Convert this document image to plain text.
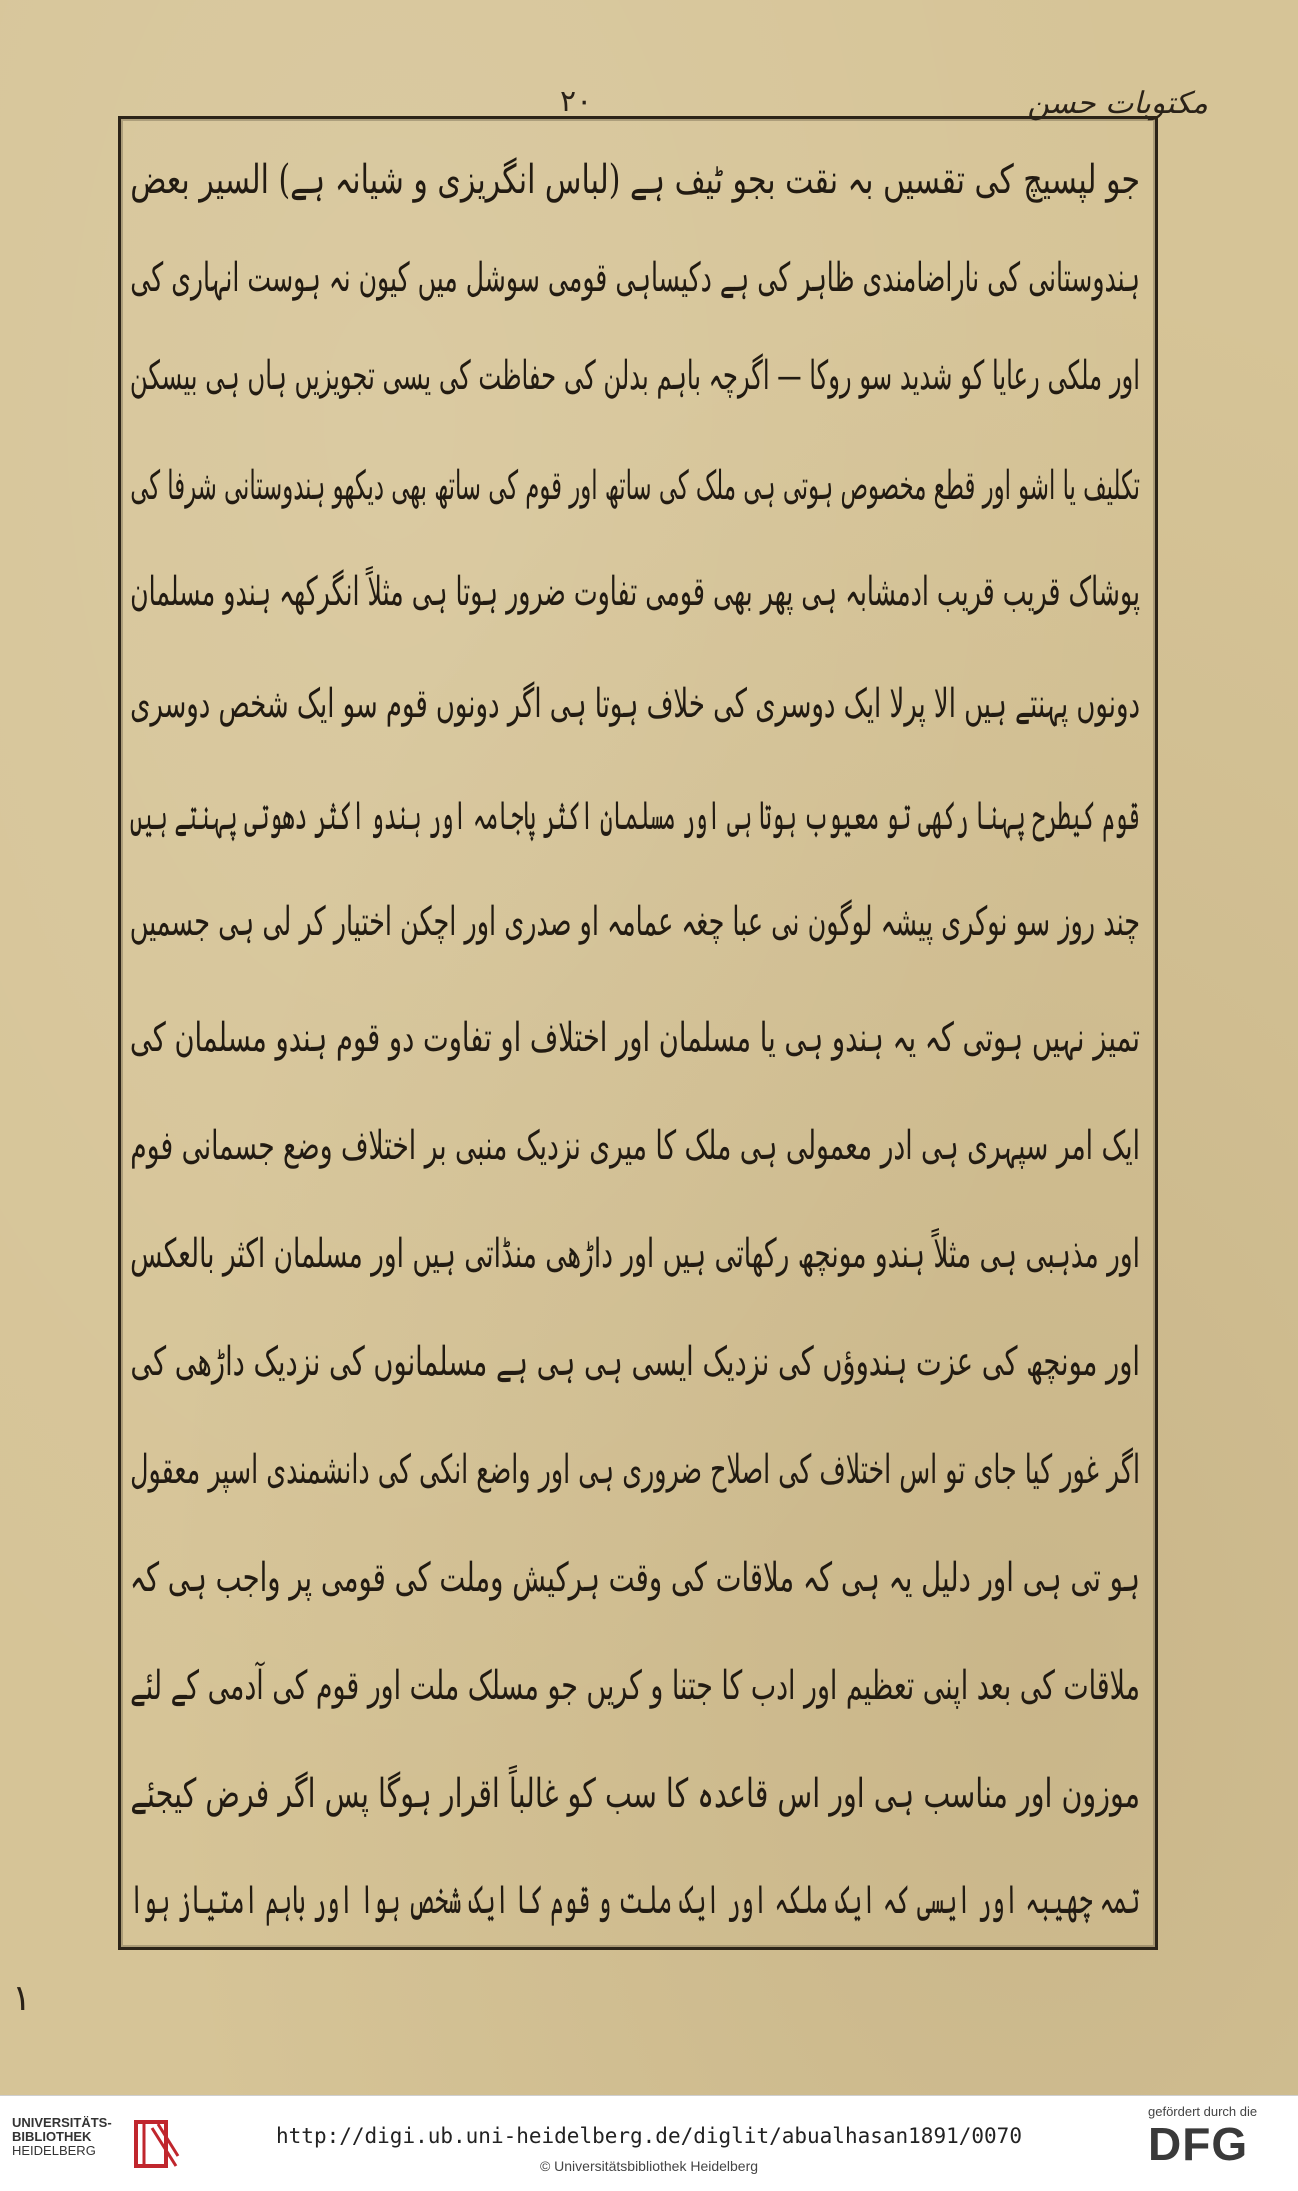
مکتوبات حسن
۲۰
جو لپسیچ کی تقسیں بہ نقت بجو ٹیف ہے (لباس انگریزی و شیانہ ہے) السیر بعض
ہندوستانی کی ناراضامندی ظاہر کی ہے دکیساہی قومی سوشل میں کیون نہ ہوست انہاری کی
اور ملکی رعایا کو شدید سو روکا — اگرچہ باہم بدلن کی حفاظت کی یسی تجویزیں ہاں ہی بیسکن
تکلیف یا اشو اور قطع مخصوص ہوتی ہی ملک کی ساتھ اور قوم کی ساتھ بھی دیکھو ہندوستانی شرفا کی
پوشاک قریب قریب ادمشابہ ہی پھر بھی قومی تفاوت ضرور ہوتا ہی مثلاً انگرکھہ ہندو مسلمان
دونوں پہنتے ہیں الا پرلا ایک دوسری کی خلاف ہوتا ہی اگر دونوں قوم سو ایک شخص دوسری
قوم کیطرح پہنا رکھی تو معیوب ہوتا ہی اور مسلمان اکثر پاجامہ اور ہندو اکثر دھوتی پہنتے ہیں
چند روز سو نوکری پیشہ لوگون نی عبا چغہ عمامہ او صدری اور اچکن اختیار کر لی ہی جسمیں
تمیز نہیں ہوتی کہ یہ ہندو ہی یا مسلمان اور اختلاف او تفاوت دو قوم ہندو مسلمان کی
ایک امر سپہری ہی ادر معمولی ہی ملک کا میری نزدیک منبی بر اختلاف وضع جسمانی فوم
اور مذہبی ہی مثلاً ہندو مونچھ رکھاتی ہیں اور داڑھی منڈاتی ہیں اور مسلمان اکثر بالعکس
اور مونچھ کی عزت ہندوؤں کی نزدیک ایسی ہی ہی ہے مسلمانوں کی نزدیک داڑھی کی
اگر غور کیا جای تو اس اختلاف کی اصلاح ضروری ہی اور واضع انکی کی دانشمندی اسپر معقول
ہو تی ہی اور دلیل یہ ہی کہ ملاقات کی وقت ہرکیش وملت کی قومی پر واجب ہی کہ
ملاقات کی بعد اپنی تعظیم اور ادب کا جتنا و کریں جو مسلک ملت اور قوم کی آدمی کے لئے
موزون اور مناسب ہی اور اس قاعدہ کا سب کو غالباً اقرار ہوگا پس اگر فرض کیجئے
تمہ چھیبہ اور ایسی کہ ایک ملکہ اور ایک ملت و قوم کا ایک شخص ہوا اور باہم امتیاز ہوا
١
UNIVERSITÄTS-
BIBLIOTHEK
HEIDELBERG
http://digi.ub.uni-heidelberg.de/diglit/abualhasan1891/0070
© Universitätsbibliothek Heidelberg
gefördert durch die
DFG
